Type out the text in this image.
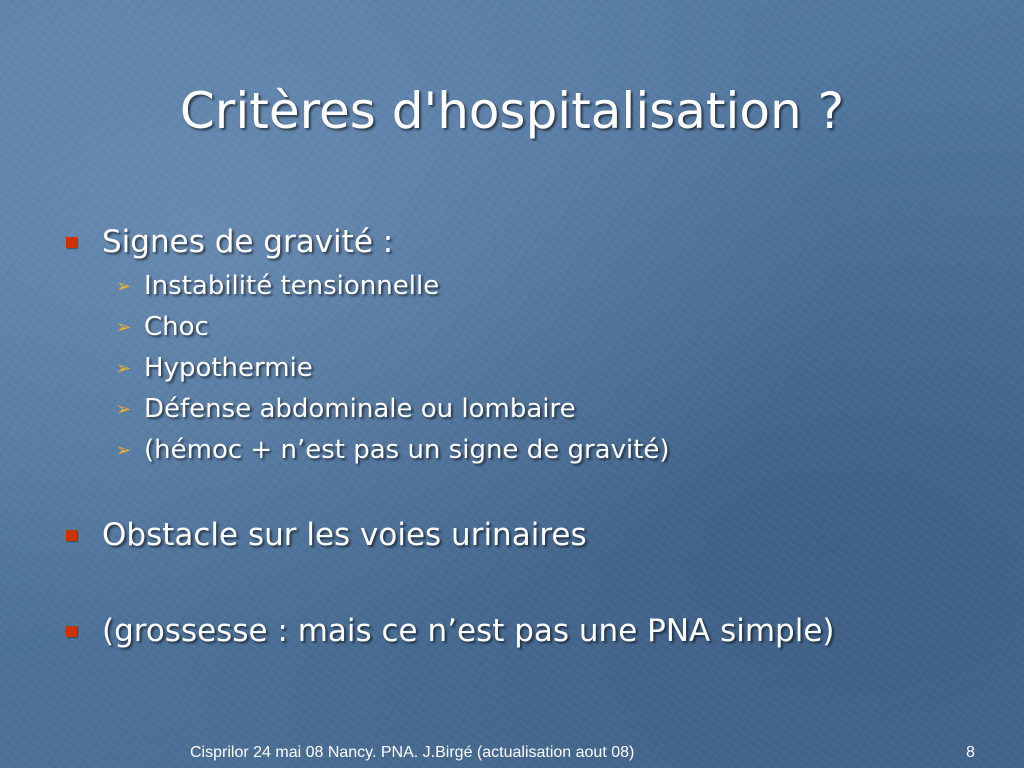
Critères d'hospitalisation ?
Signes de gravité :
➢ Instabilité tensionnelle
➢ Choc
➢ Hypothermie
➢ Défense abdominale ou lombaire
➢ (hémoc + n’est pas un signe de gravité)
Obstacle sur les voies urinaires
(grossesse : mais ce n’est pas une PNA simple)
Cisprilor 24 mai 08 Nancy. PNA. J.Birgé (actualisation aout 08)	8
